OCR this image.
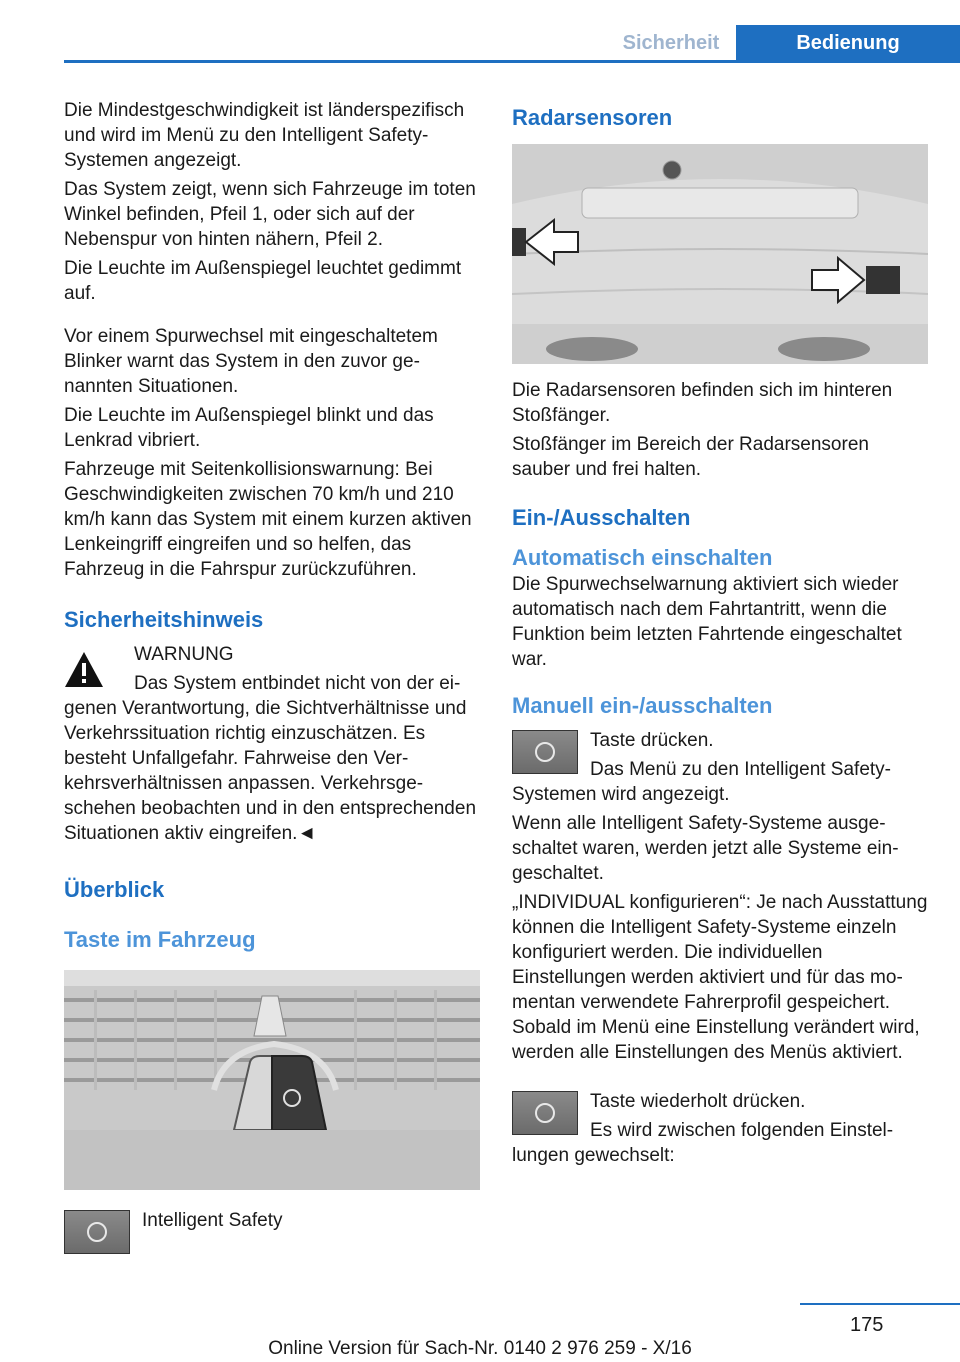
Sicherheit	Bedienung

Die Mindestgeschwindigkeit ist länderspezifisch und wird im Menü zu den Intelligent Safety-Systemen angezeigt.

Das System zeigt, wenn sich Fahrzeuge im toten Winkel befinden, Pfeil 1, oder sich auf der Nebenspur von hinten nähern, Pfeil 2.

Die Leuchte im Außenspiegel leuchtet gedimmt auf.

Vor einem Spurwechsel mit eingeschaltetem Blinker warnt das System in den zuvor genannten Situationen.

Die Leuchte im Außenspiegel blinkt und das Lenkrad vibriert.

Fahrzeuge mit Seitenkollisionswarnung: Bei Geschwindigkeiten zwischen 70 km/h und 210 km/h kann das System mit einem kurzen aktiven Lenkeingriff eingreifen und so helfen, das Fahrzeug in die Fahrspur zurückzuführen.

Sicherheitshinweis

WARNUNG

Das System entbindet nicht von der eigenen Verantwortung, die Sichtverhältnisse und Verkehrssituation richtig einzuschätzen. Es besteht Unfallgefahr. Fahrweise den Verkehrsverhältnissen anpassen. Verkehrsgeschehen beobachten und in den entsprechenden Situationen aktiv eingreifen.◄

Überblick
Taste im Fahrzeug

Intelligent Safety

Radarsensoren

Die Radarsensoren befinden sich im hinteren Stoßfänger.

Stoßfänger im Bereich der Radarsensoren sauber und frei halten.

Ein-/Ausschalten
Automatisch einschalten

Die Spurwechselwarnung aktiviert sich wieder automatisch nach dem Fahrtantritt, wenn die Funktion beim letzten Fahrtende eingeschaltet war.

Manuell ein-/ausschalten

Taste drücken.

Das Menü zu den Intelligent Safety-Systemen wird angezeigt.

Wenn alle Intelligent Safety-Systeme ausgeschaltet waren, werden jetzt alle Systeme eingeschaltet.

„INDIVIDUAL konfigurieren“: Je nach Ausstattung können die Intelligent Safety-Systeme einzeln konfiguriert werden. Die individuellen Einstellungen werden aktiviert und für das momentan verwendete Fahrerprofil gespeichert. Sobald im Menü eine Einstellung verändert wird, werden alle Einstellungen des Menüs aktiviert.

Taste wiederholt drücken.

Es wird zwischen folgenden Einstellungen gewechselt:

175
Online Version für Sach-Nr. 0140 2 976 259 - X/16
